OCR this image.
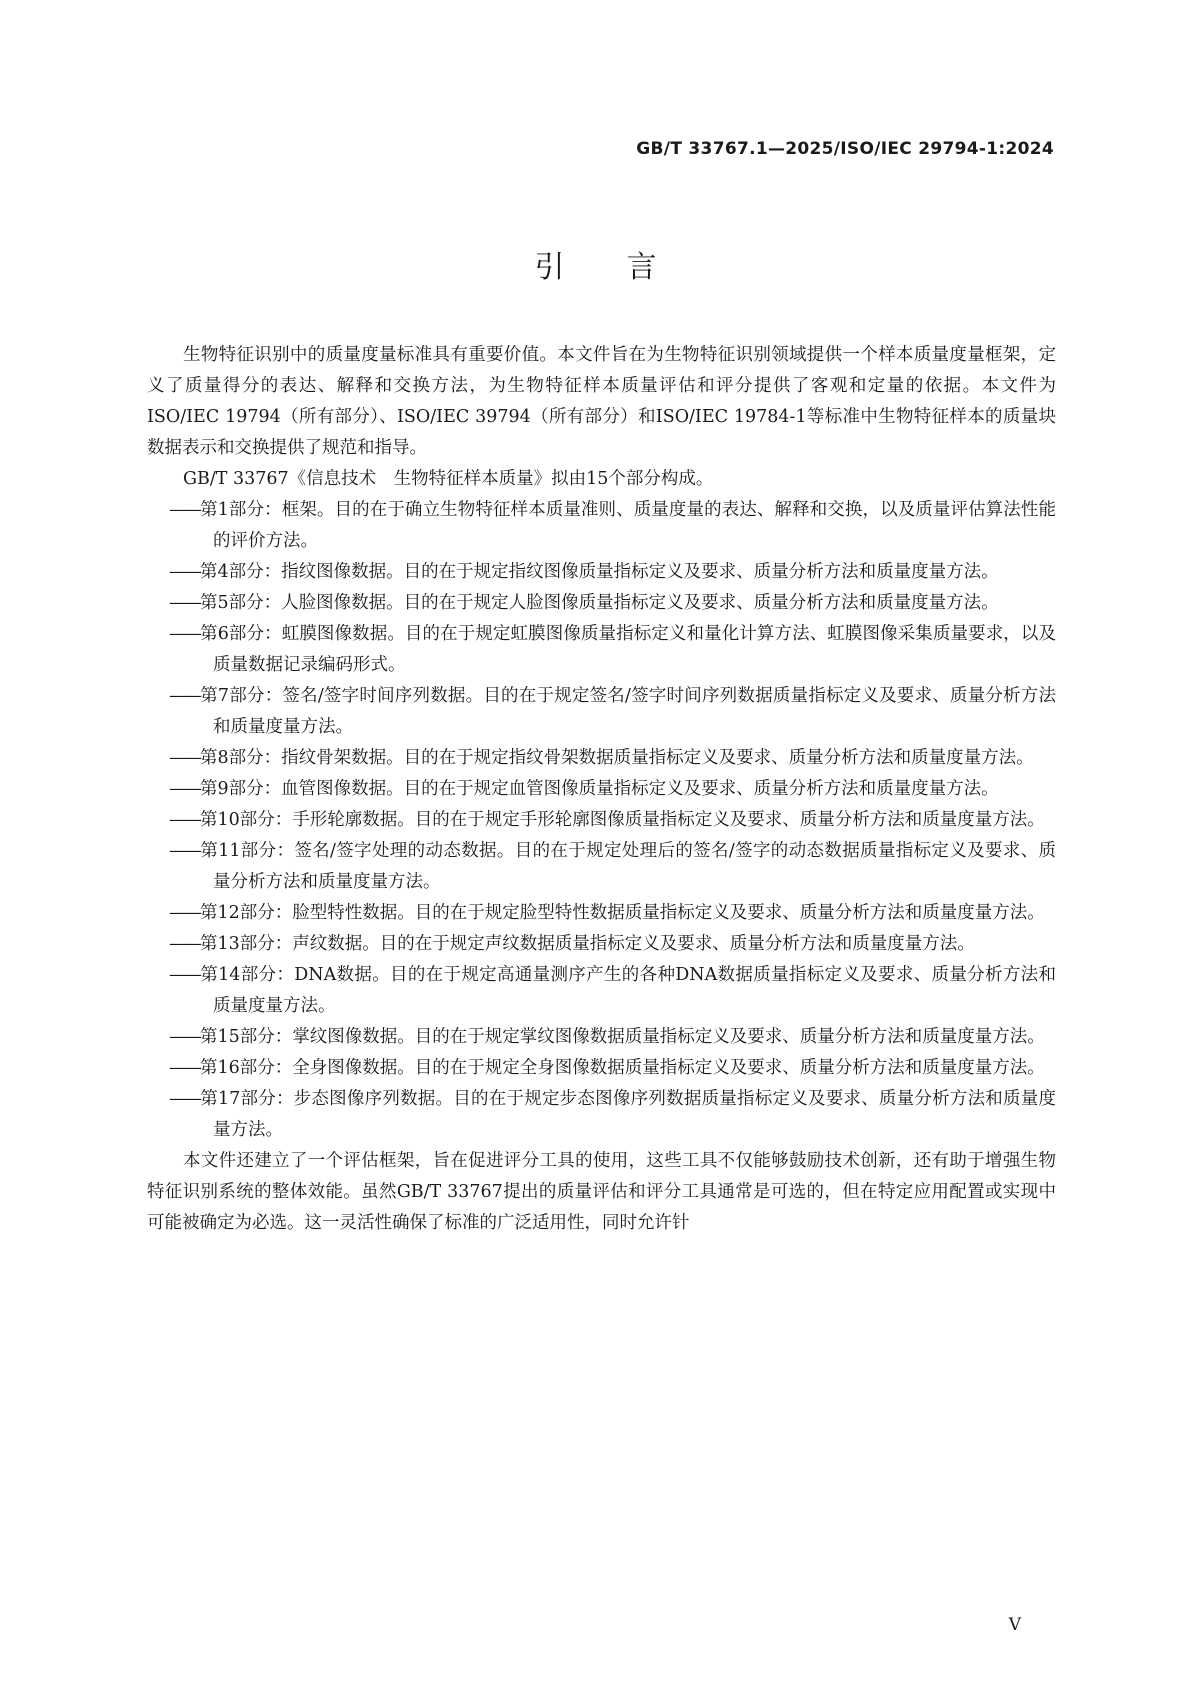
GB/T 33767.1—2025/ISO/IEC 29794-1:2024
引言

生物特征识别中的质量度量标准具有重要价值。本文件旨在为生物特征识别领域提供一个样本质量度量框架，定义了质量得分的表达、解释和交换方法，为生物特征样本质量评估和评分提供了客观和定量的依据。本文件为ISO/IEC 19794（所有部分）、ISO/IEC 39794（所有部分）和ISO/IEC 19784-1等标准中生物特征样本的质量块数据表示和交换提供了规范和指导。

GB/T 33767《信息技术　生物特征样本质量》拟由15个部分构成。

——第1部分：框架。目的在于确立生物特征样本质量准则、质量度量的表达、解释和交换，以及质量评估算法性能的评价方法。

——第4部分：指纹图像数据。目的在于规定指纹图像质量指标定义及要求、质量分析方法和质量度量方法。

——第5部分：人脸图像数据。目的在于规定人脸图像质量指标定义及要求、质量分析方法和质量度量方法。

——第6部分：虹膜图像数据。目的在于规定虹膜图像质量指标定义和量化计算方法、虹膜图像采集质量要求，以及质量数据记录编码形式。

——第7部分：签名/签字时间序列数据。目的在于规定签名/签字时间序列数据质量指标定义及要求、质量分析方法和质量度量方法。

——第8部分：指纹骨架数据。目的在于规定指纹骨架数据质量指标定义及要求、质量分析方法和质量度量方法。

——第9部分：血管图像数据。目的在于规定血管图像质量指标定义及要求、质量分析方法和质量度量方法。

——第10部分：手形轮廓数据。目的在于规定手形轮廓图像质量指标定义及要求、质量分析方法和质量度量方法。

——第11部分：签名/签字处理的动态数据。目的在于规定处理后的签名/签字的动态数据质量指标定义及要求、质量分析方法和质量度量方法。

——第12部分：脸型特性数据。目的在于规定脸型特性数据质量指标定义及要求、质量分析方法和质量度量方法。

——第13部分：声纹数据。目的在于规定声纹数据质量指标定义及要求、质量分析方法和质量度量方法。

——第14部分：DNA数据。目的在于规定高通量测序产生的各种DNA数据质量指标定义及要求、质量分析方法和质量度量方法。

——第15部分：掌纹图像数据。目的在于规定掌纹图像数据质量指标定义及要求、质量分析方法和质量度量方法。

——第16部分：全身图像数据。目的在于规定全身图像数据质量指标定义及要求、质量分析方法和质量度量方法。

——第17部分：步态图像序列数据。目的在于规定步态图像序列数据质量指标定义及要求、质量分析方法和质量度量方法。

本文件还建立了一个评估框架，旨在促进评分工具的使用，这些工具不仅能够鼓励技术创新，还有助于增强生物特征识别系统的整体效能。虽然GB/T 33767提出的质量评估和评分工具通常是可选的，但在特定应用配置或实现中可能被确定为必选。这一灵活性确保了标准的广泛适用性，同时允许针

V
